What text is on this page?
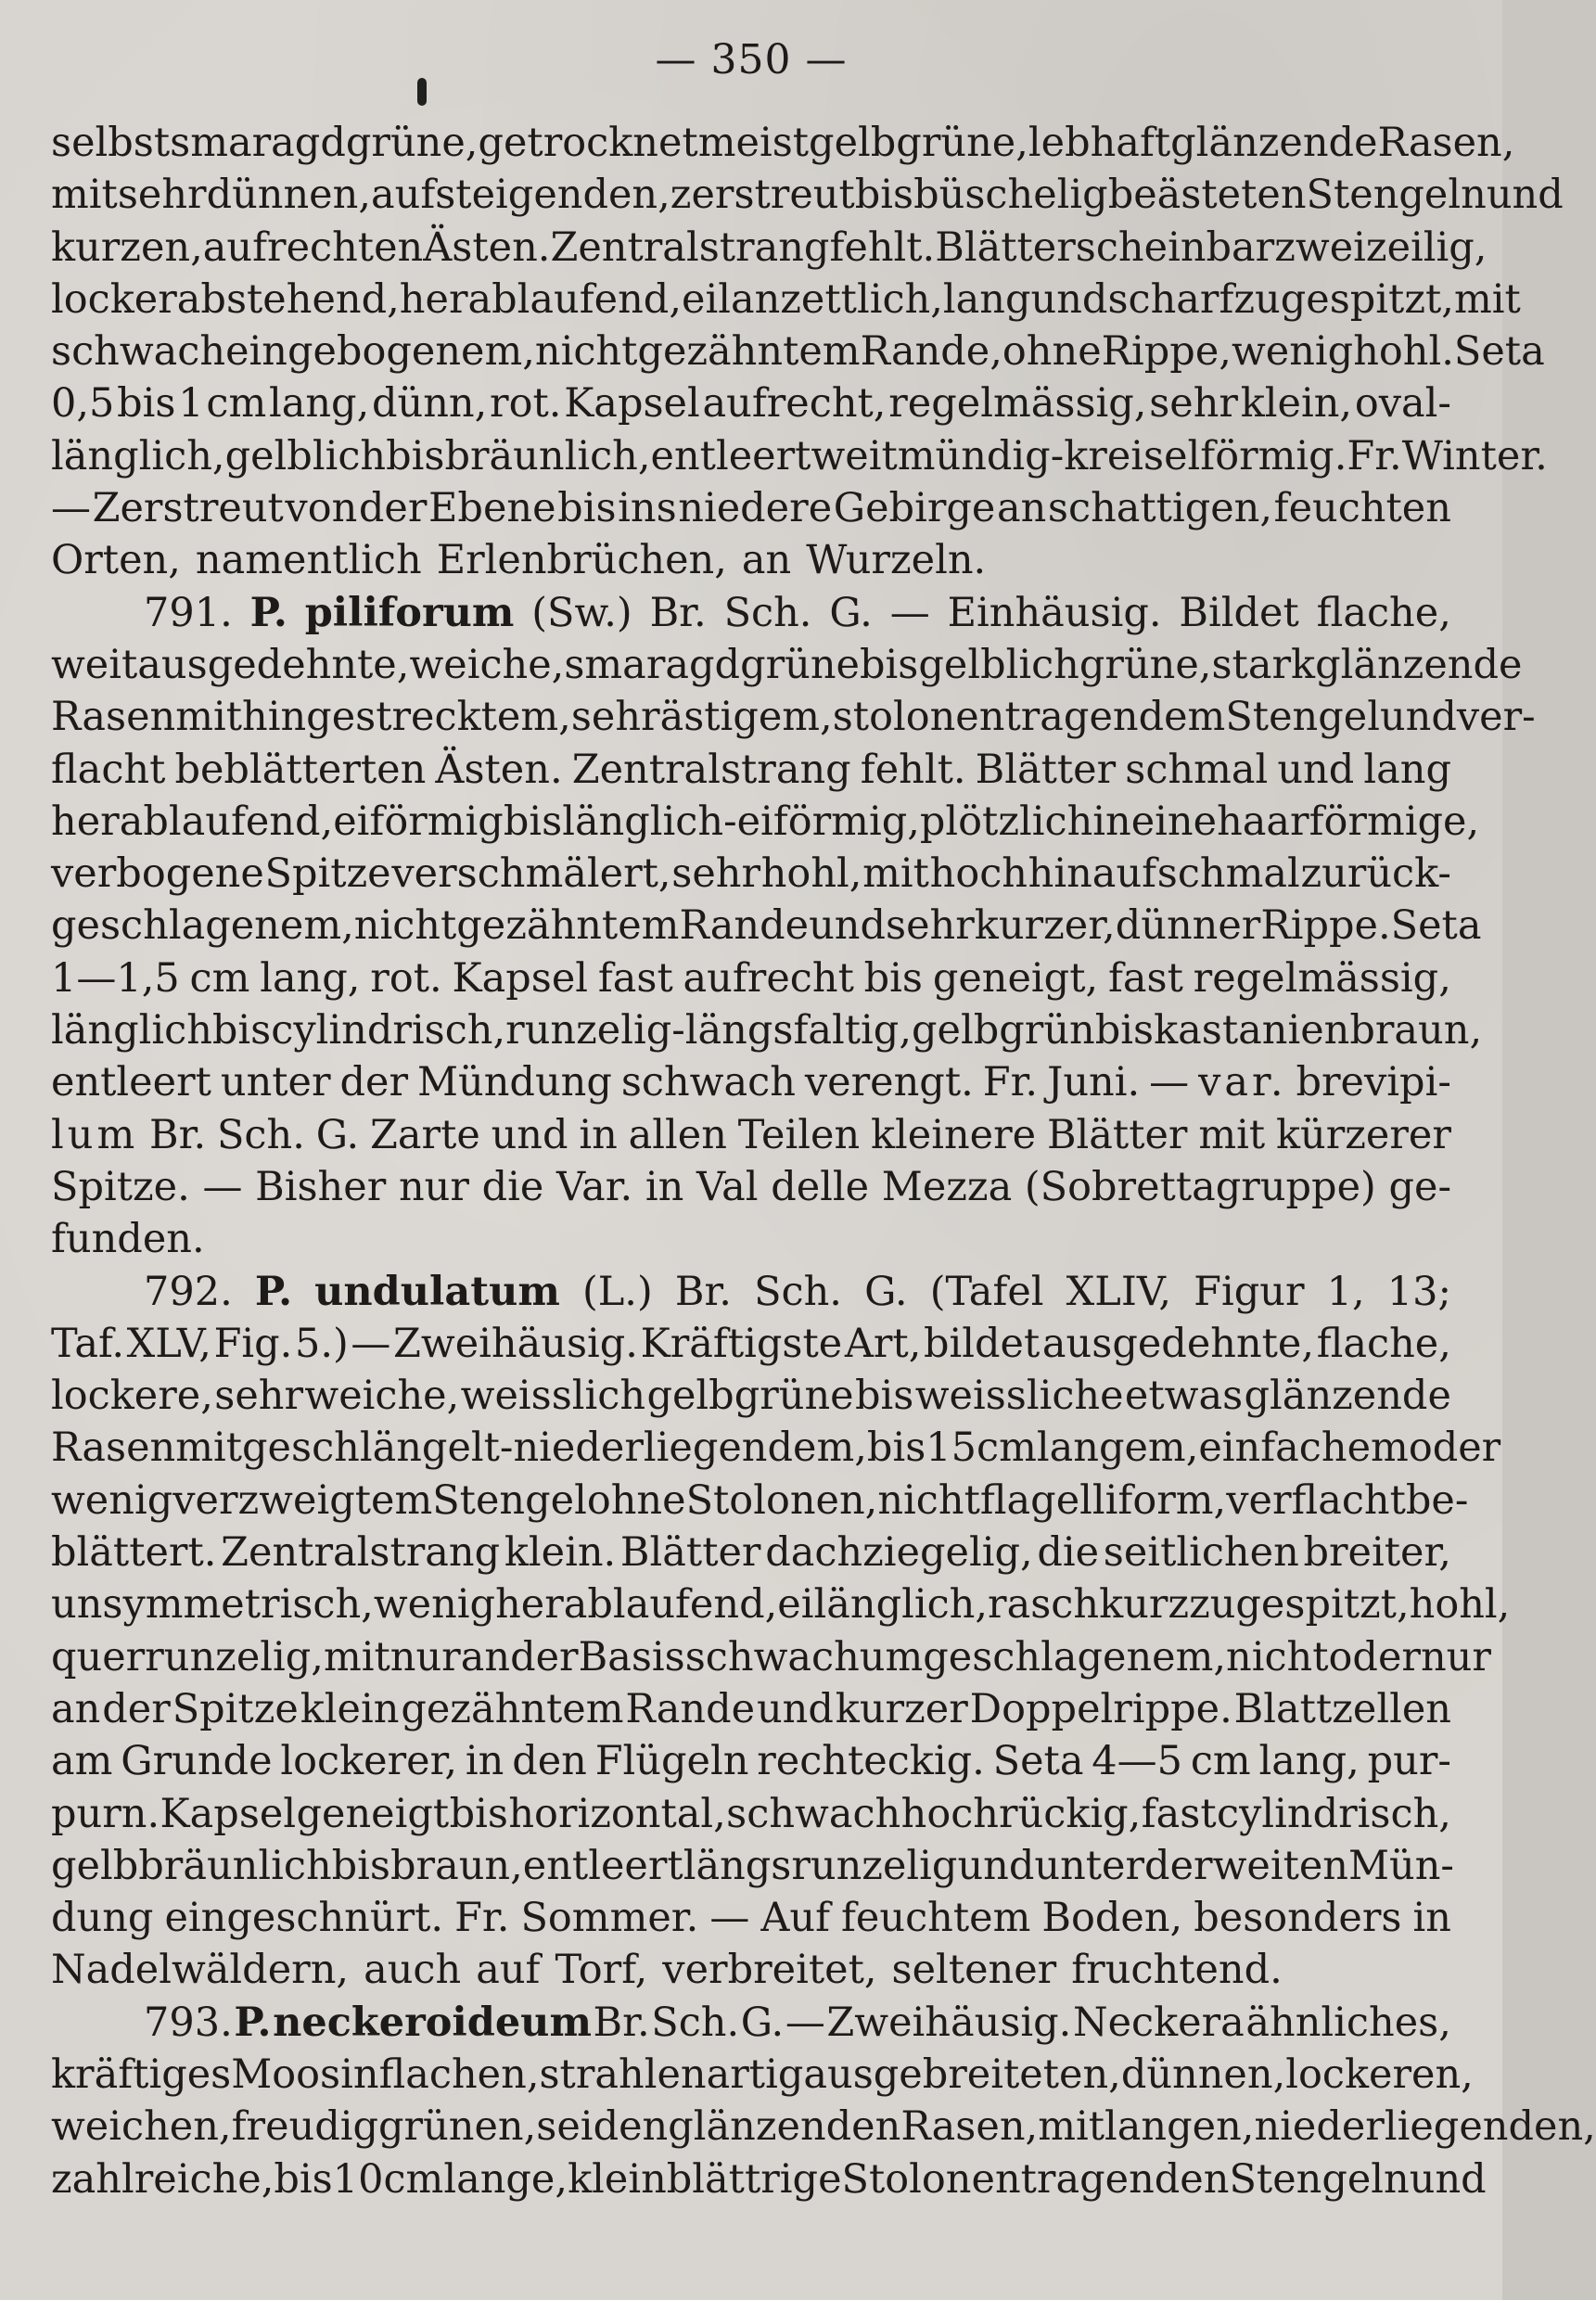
— 350 —
selbst smaragdgrüne, getrocknet meist gelbgrüne, lebhaft glänzende Rasen,
mit sehr dünnen, aufsteigenden, zerstreut bis büschelig beästeten Stengeln und
kurzen, aufrechten Ästen. Zentralstrang fehlt. Blätter scheinbar zweizeilig,
locker abstehend, herablaufend, eilanzettlich, lang und scharf zugespitzt, mit
schwach eingebogenem, nicht gezähntem Rande, ohne Rippe, wenig hohl. Seta
0,5 bis 1 cm lang, dünn, rot. Kapsel aufrecht, regelmässig, sehr klein, oval-
länglich, gelblich bis bräunlich, entleert weitmündig-kreiselförmig. Fr. Winter.
— Zerstreut von der Ebene bis ins niedere Gebirge an schattigen, feuchten
Orten, namentlich Erlenbrüchen, an Wurzeln.
791. P. piliforum (Sw.) Br. Sch. G. — Einhäusig. Bildet flache,
weit ausgedehnte, weiche, smaragdgrüne bis gelblichgrüne, stark glänzende
Rasen mit hingestrecktem, sehr ästigem, stolonentragendem Stengel und ver-
flacht beblätterten Ästen. Zentralstrang fehlt. Blätter schmal und lang
herablaufend, eiförmig bis länglich-eiförmig, plötzlich in eine haarförmige,
verbogene Spitze verschmälert, sehr hohl, mit hoch hinauf schmal zurück-
geschlagenem, nicht gezähntem Rande und sehr kurzer, dünner Rippe. Seta
1—1,5 cm lang, rot. Kapsel fast aufrecht bis geneigt, fast regelmässig,
länglich bis cylindrisch, runzelig-längsfaltig, gelbgrün bis kastanienbraun,
entleert unter der Mündung schwach verengt. Fr. Juni. — var. brevipi-
lum Br. Sch. G. Zarte und in allen Teilen kleinere Blätter mit kürzerer
Spitze. — Bisher nur die Var. in Val delle Mezza (Sobrettagruppe) ge-
funden.
792. P. undulatum (L.) Br. Sch. G. (Tafel XLIV, Figur 1, 13;
Taf. XLV, Fig. 5.) — Zweihäusig. Kräftigste Art, bildet ausgedehnte, flache,
lockere, sehr weiche, weisslich gelbgrüne bis weissliche etwas glänzende
Rasen mit geschlängelt-niederliegendem, bis 15 cm langem, einfachem oder
wenig verzweigtem Stengel ohne Stolonen, nicht flagelliform, verflacht be-
blättert. Zentralstrang klein. Blätter dachziegelig, die seitlichen breiter,
unsymmetrisch, wenig herablaufend, eilänglich, rasch kurz zugespitzt, hohl,
querrunzelig, mit nur an der Basis schwach umgeschlagenem, nicht oder nur
an der Spitze klein gezähntem Rande und kurzer Doppelrippe. Blattzellen
am Grunde lockerer, in den Flügeln rechteckig. Seta 4—5 cm lang, pur-
purn. Kapsel geneigt bis horizontal, schwach hochrückig, fast cylindrisch,
gelbbräunlich bis braun, entleert längsrunzelig und unter der weiten Mün-
dung eingeschnürt. Fr. Sommer. — Auf feuchtem Boden, besonders in
Nadelwäldern, auch auf Torf, verbreitet, seltener fruchtend.
793. P. neckeroideum Br. Sch. G. — Zweihäusig. Neckera ähnliches,
kräftiges Moos in flachen, strahlenartig ausgebreiteten, dünnen, lockeren,
weichen, freudiggrünen, seidenglänzenden Rasen, mit langen, niederliegenden,
zahlreiche, bis 10 cm lange, kleinblättrige Stolonen tragenden Stengeln und
